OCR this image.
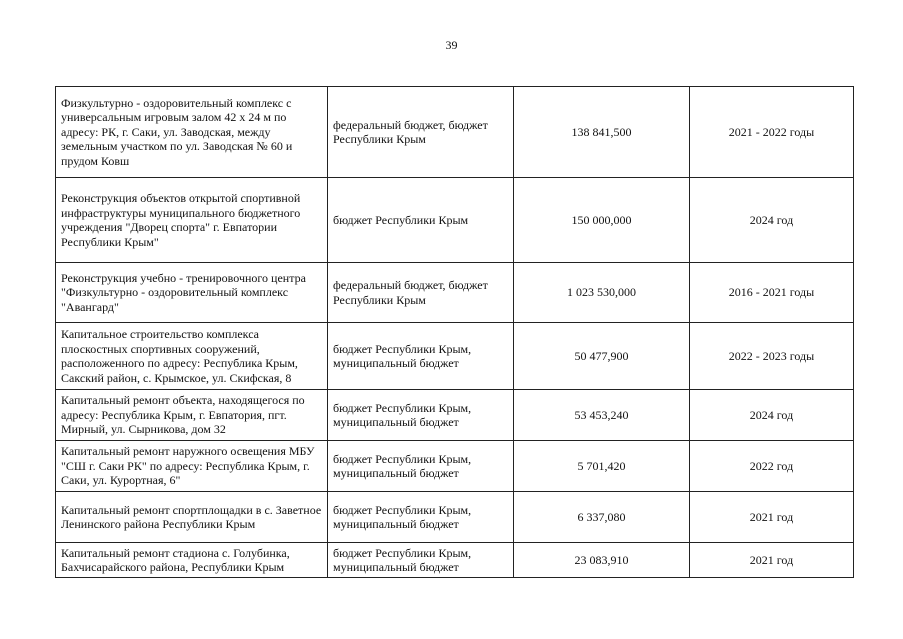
39
Физкультурно - оздоровительный комплекс с универсальным игровым залом 42 х 24 м по адресу: РК, г. Саки, ул. Заводская, между земельным участком по ул. Заводская № 60 и прудом Ковш	федеральный бюджет, бюджет Республики Крым	138 841,500	2021 - 2022 годы
Реконструкция объектов открытой спортивной инфраструктуры муниципального бюджетного учреждения "Дворец спорта" г. Евпатории Республики Крым"	бюджет Республики Крым	150 000,000	2024 год
Реконструкция учебно - тренировочного центра "Физкультурно - оздоровительный комплекс "Авангард"	федеральный бюджет, бюджет Республики Крым	1 023 530,000	2016 - 2021 годы
Капитальное строительство комплекса плоскостных спортивных сооружений, расположенного по адресу: Республика Крым, Сакский район, с. Крымское, ул. Скифская, 8	бюджет Республики Крым, муниципальный бюджет	50 477,900	2022 - 2023 годы
Капитальный ремонт объекта, находящегося по адресу: Республика Крым, г. Евпатория, пгт. Мирный, ул. Сырникова, дом 32	бюджет Республики Крым, муниципальный бюджет	53 453,240	2024 год
Капитальный ремонт наружного освещения МБУ "СШ г. Саки РК" по адресу: Республика Крым, г. Саки, ул. Курортная, 6"	бюджет Республики Крым, муниципальный бюджет	5 701,420	2022 год
Капитальный ремонт спортплощадки в с. Заветное Ленинского района Республики Крым	бюджет Республики Крым, муниципальный бюджет	6 337,080	2021 год
Капитальный ремонт стадиона с. Голубинка, Бахчисарайского района, Республики Крым	бюджет Республики Крым, муниципальный бюджет	23 083,910	2021 год
